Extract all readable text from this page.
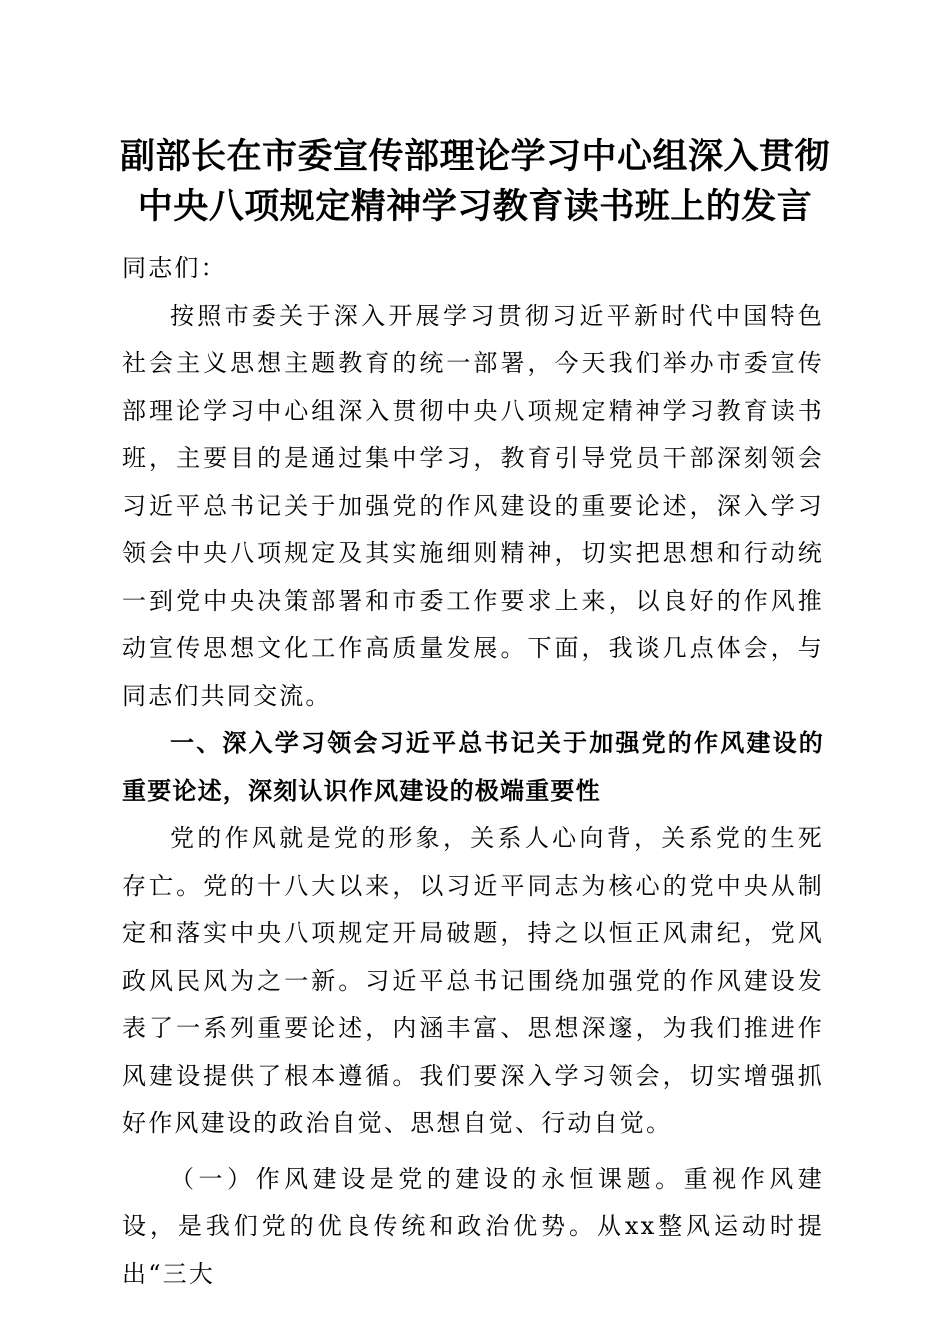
副部长在市委宣传部理论学习中心组深入贯彻
中央八项规定精神学习教育读书班上的发言

同志们：

按照市委关于深入开展学习贯彻习近平新时代中国特色社会主义思想主题教育的统一部署，今天我们举办市委宣传部理论学习中心组深入贯彻中央八项规定精神学习教育读书班，主要目的是通过集中学习，教育引导党员干部深刻领会习近平总书记关于加强党的作风建设的重要论述，深入学习领会中央八项规定及其实施细则精神，切实把思想和行动统一到党中央决策部署和市委工作要求上来，以良好的作风推动宣传思想文化工作高质量发展。下面，我谈几点体会，与同志们共同交流。

一、深入学习领会习近平总书记关于加强党的作风建设的重要论述，深刻认识作风建设的极端重要性

党的作风就是党的形象，关系人心向背，关系党的生死存亡。党的十八大以来，以习近平同志为核心的党中央从制定和落实中央八项规定开局破题，持之以恒正风肃纪，党风政风民风为之一新。习近平总书记围绕加强党的作风建设发表了一系列重要论述，内涵丰富、思想深邃，为我们推进作风建设提供了根本遵循。我们要深入学习领会，切实增强抓好作风建设的政治自觉、思想自觉、行动自觉。

（一）作风建设是党的建设的永恒课题。重视作风建设，是我们党的优良传统和政治优势。从xx整风运动时提出“三大
